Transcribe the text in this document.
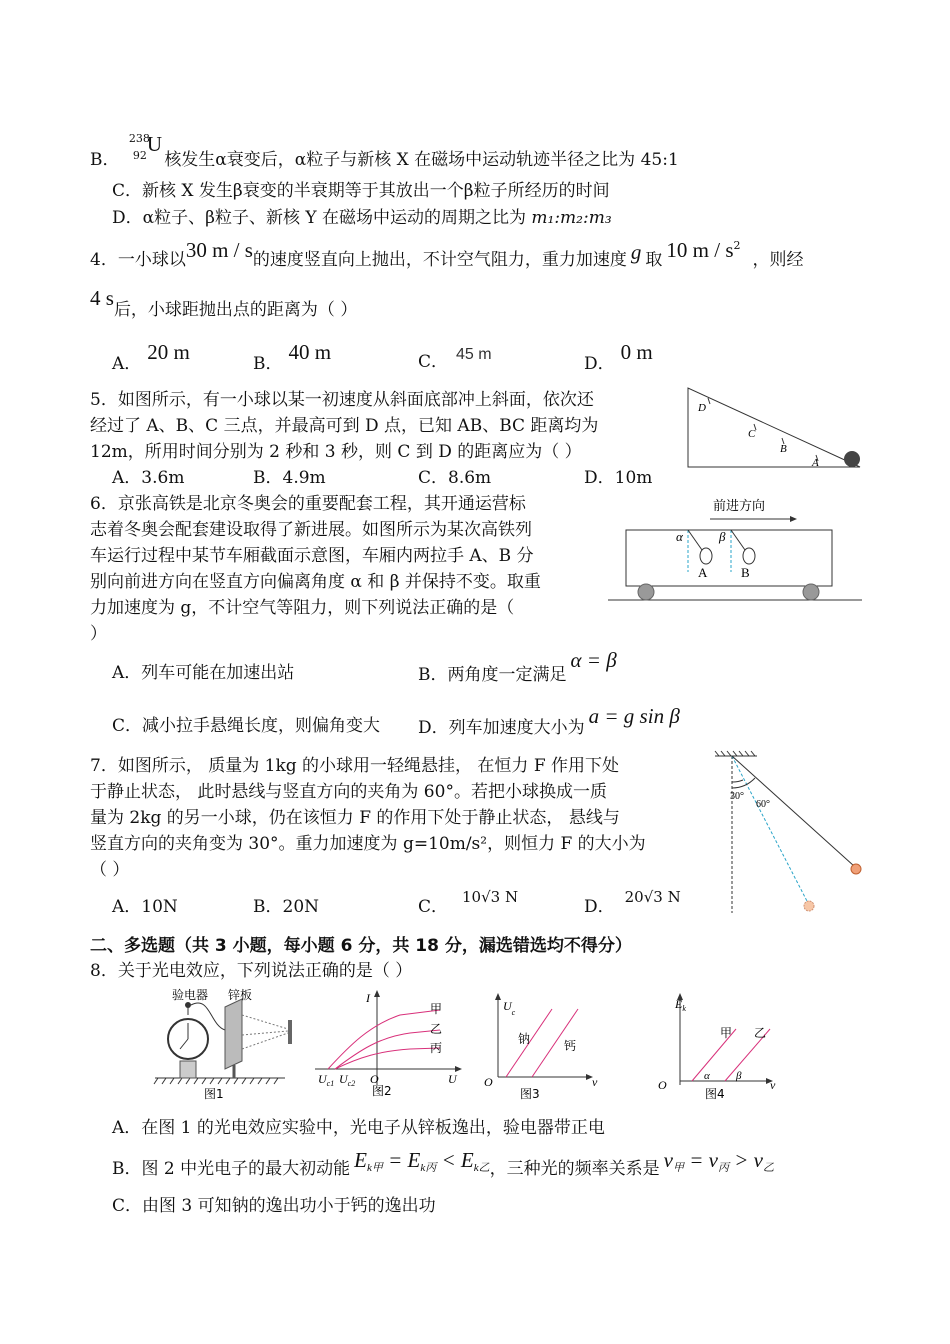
B．
238
92 U
核发生α衰变后，α粒子与新核 X 在磁场中运动轨迹半径之比为 45:1
C．新核 X 发生β衰变的半衰期等于其放出一个β粒子所经历的时间
D．α粒子、β粒子、新核 Y 在磁场中运动的周期之比为 m₁:m₂:m₃
4．一小球以30 m / s的速度竖直向上抛出，不计空气阻力，重力加速度 g 取 10 m / $s^2$，则经
4 s后，小球距抛出点的距离为（ ）
A． 20 m	B． 40 m	C． 45 m	D． 0 m
5．如图所示，有一小球以某一初速度从斜面底部冲上斜面，依次还
经过了 A、B、C 三点，并最高可到 D 点，已知 AB、BC 距离均为
12m，所用时间分别为 2 秒和 3 秒，则 C 到 D 的距离应为（ ）
A．3.6m	B．4.9m	C．8.6m	D．10m
D
C
B
A
6．京张高铁是北京冬奥会的重要配套工程，其开通运营标
志着冬奥会配套建设取得了新进展。如图所示为某次高铁列
车运行过程中某节车厢截面示意图，车厢内两拉手 A、B 分
别向前进方向在竖直方向偏离角度 α 和 β 并保持不变。取重
力加速度为 g，不计空气等阻力，则下列说法正确的是（
）
A．列车可能在加速出站	B．两角度一定满足α = β
C．减小拉手悬绳长度，则偏角变大 D．列车加速度大小为 a = g sin β
前进方向
α	β
A	B
7．如图所示， 质量为 1kg 的小球用一轻绳悬挂， 在恒力 F 作用下处
于静止状态， 此时悬线与竖直方向的夹角为 60°。若把小球换成一质
量为 2kg 的另一小球，仍在该恒力 F 的作用下处于静止状态， 悬线与
竖直方向的夹角变为 30°。重力加速度为 g=10m/s²，则恒力 F 的大小为
（ ）
A．10N	B．20N	C． 10√3 N	D． 20√3 N
30°
60°
二、多选题（共 3 小题，每小题 6 分，共 18 分，漏选错选均不得分）
8．关于光电效应，下列说法正确的是（ ）
验电器 锌板
图1
I
甲
乙
丙
$U_{c1}$ $U_{c2}$ O	U
图2
$U_c$
钠	钙
O	ν
图3
$E_k$
甲 乙
O
α β
ν
图4
A．在图 1 的光电效应实验中，光电子从锌板逸出，验电器带正电
B．图 2 中光电子的最大初动能 $E_{k甲} = E_{k丙} < E_{k乙}$，三种光的频率关系是 $\nu_甲 = \nu_丙 > \nu_乙$
C．由图 3 可知钠的逸出功小于钙的逸出功
